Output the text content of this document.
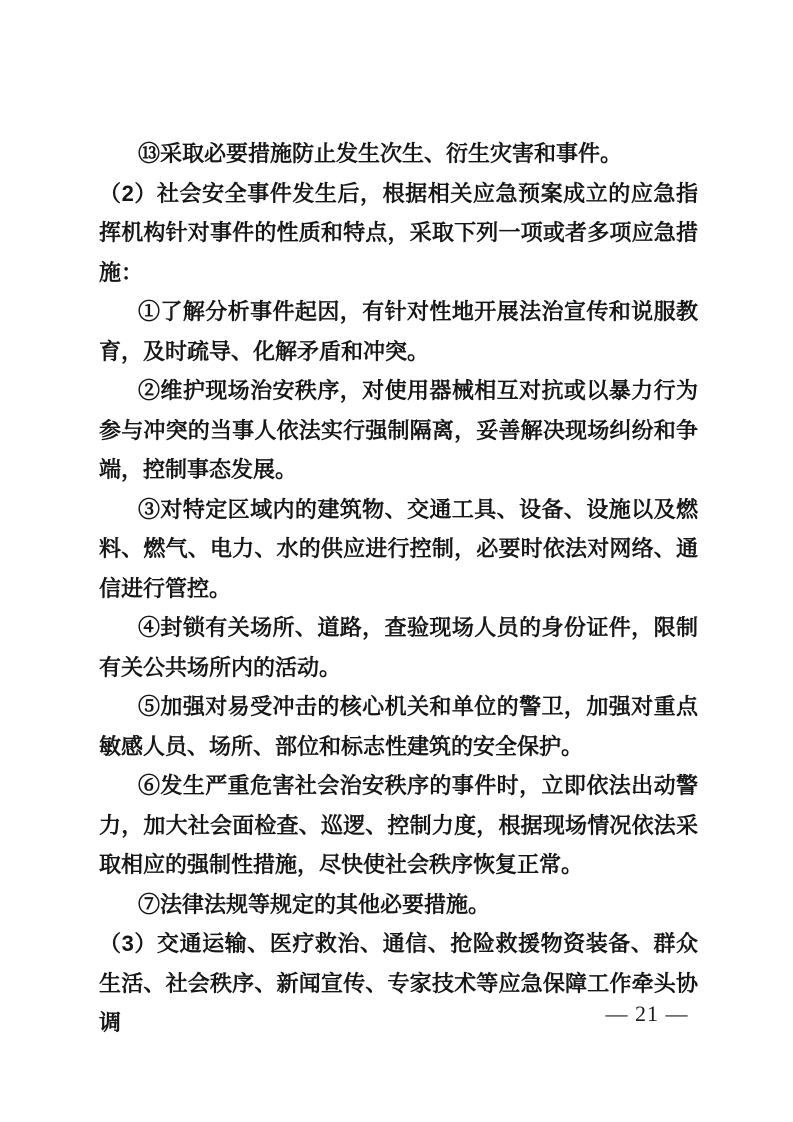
⑬采取必要措施防止发生次生、衍生灾害和事件。

（2）社会安全事件发生后，根据相关应急预案成立的应急指挥机构针对事件的性质和特点，采取下列一项或者多项应急措施：

①了解分析事件起因，有针对性地开展法治宣传和说服教育，及时疏导、化解矛盾和冲突。

②维护现场治安秩序，对使用器械相互对抗或以暴力行为参与冲突的当事人依法实行强制隔离，妥善解决现场纠纷和争端，控制事态发展。

③对特定区域内的建筑物、交通工具、设备、设施以及燃料、燃气、电力、水的供应进行控制，必要时依法对网络、通信进行管控。

④封锁有关场所、道路，查验现场人员的身份证件，限制有关公共场所内的活动。

⑤加强对易受冲击的核心机关和单位的警卫，加强对重点敏感人员、场所、部位和标志性建筑的安全保护。

⑥发生严重危害社会治安秩序的事件时，立即依法出动警力，加大社会面检查、巡逻、控制力度，根据现场情况依法采取相应的强制性措施，尽快使社会秩序恢复正常。

⑦法律法规等规定的其他必要措施。

（3）交通运输、医疗救治、通信、抢险救援物资装备、群众生活、社会秩序、新闻宣传、专家技术等应急保障工作牵头协调	— 21 —
